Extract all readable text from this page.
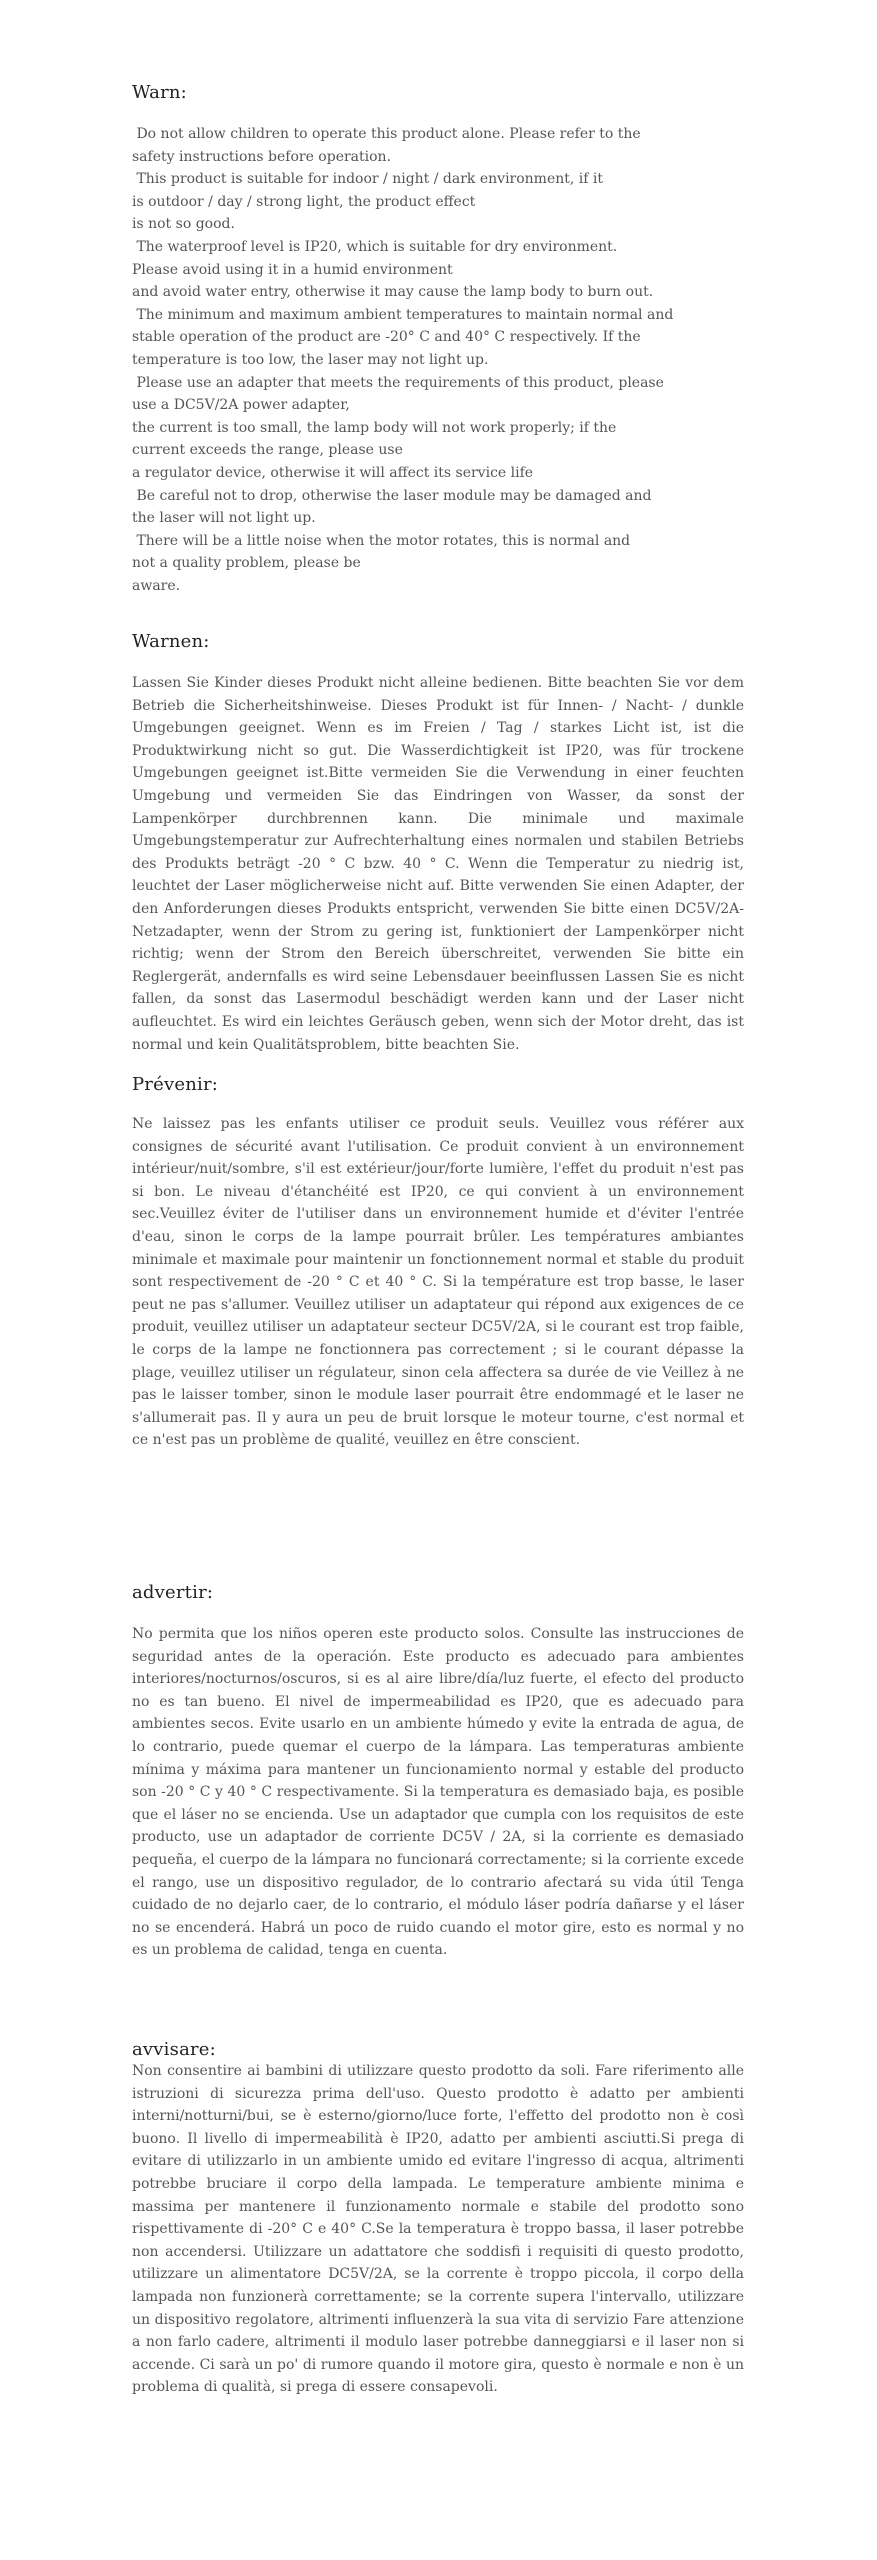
Warn:

Do not allow children to operate this product alone. Please refer to the

safety instructions before operation.

This product is suitable for indoor / night / dark environment, if it

is outdoor / day / strong light, the product effect

is not so good.

The waterproof level is IP20, which is suitable for dry environment.

Please avoid using it in a humid environment

and avoid water entry, otherwise it may cause the lamp body to burn out.

The minimum and maximum ambient temperatures to maintain normal and

stable operation of the product are -20° C and 40° C respectively. If the

temperature is too low, the laser may not light up.

Please use an adapter that meets the requirements of this product, please

use a DC5V/2A power adapter,

the current is too small, the lamp body will not work properly; if the

current exceeds the range, please use

a regulator device, otherwise it will affect its service life

Be careful not to drop, otherwise the laser module may be damaged and

the laser will not light up.

There will be a little noise when the motor rotates, this is normal and

not a quality problem, please be

aware.

Warnen:

Lassen Sie Kinder dieses Produkt nicht alleine bedienen. Bitte beachten Sie vor dem Betrieb die Sicherheitshinweise. Dieses Produkt ist für Innen- / Nacht- / dunkle Umgebungen geeignet. Wenn es im Freien / Tag / starkes Licht ist, ist die Produktwirkung nicht so gut. Die Wasserdichtigkeit ist IP20, was für trockene Umgebungen geeignet ist.Bitte vermeiden Sie die Verwendung in einer feuchten Umgebung und vermeiden Sie das Eindringen von Wasser, da sonst der Lampenkörper durchbrennen kann. Die minimale und maximale Umgebungstemperatur zur Aufrechterhaltung eines normalen und stabilen Betriebs des Produkts beträgt -20 ° C bzw. 40 ° C. Wenn die Temperatur zu niedrig ist, leuchtet der Laser möglicherweise nicht auf. Bitte verwenden Sie einen Adapter, der den Anforderungen dieses Produkts entspricht, verwenden Sie bitte einen DC5V/2A-Netzadapter, wenn der Strom zu gering ist, funktioniert der Lampenkörper nicht richtig; wenn der Strom den Bereich überschreitet, verwenden Sie bitte ein Reglergerät, andernfalls es wird seine Lebensdauer beeinflussen Lassen Sie es nicht fallen, da sonst das Lasermodul beschädigt werden kann und der Laser nicht aufleuchtet. Es wird ein leichtes Geräusch geben, wenn sich der Motor dreht, das ist normal und kein Qualitätsproblem, bitte beachten Sie.

Prévenir:

Ne laissez pas les enfants utiliser ce produit seuls. Veuillez vous référer aux consignes de sécurité avant l'utilisation. Ce produit convient à un environnement intérieur/nuit/sombre, s'il est extérieur/jour/forte lumière, l'effet du produit n'est pas si bon. Le niveau d'étanchéité est IP20, ce qui convient à un environnement sec.Veuillez éviter de l'utiliser dans un environnement humide et d'éviter l'entrée d'eau, sinon le corps de la lampe pourrait brûler. Les températures ambiantes minimale et maximale pour maintenir un fonctionnement normal et stable du produit sont respectivement de -20 ° C et 40 ° C. Si la température est trop basse, le laser peut ne pas s'allumer. Veuillez utiliser un adaptateur qui répond aux exigences de ce produit, veuillez utiliser un adaptateur secteur DC5V/2A, si le courant est trop faible, le corps de la lampe ne fonctionnera pas correctement ; si le courant dépasse la plage, veuillez utiliser un régulateur, sinon cela affectera sa durée de vie Veillez à ne pas le laisser tomber, sinon le module laser pourrait être endommagé et le laser ne s'allumerait pas. Il y aura un peu de bruit lorsque le moteur tourne, c'est normal et ce n'est pas un problème de qualité, veuillez en être conscient.

advertir:

No permita que los niños operen este producto solos. Consulte las instrucciones de seguridad antes de la operación. Este producto es adecuado para ambientes interiores/nocturnos/oscuros, si es al aire libre/día/luz fuerte, el efecto del producto no es tan bueno. El nivel de impermeabilidad es IP20, que es adecuado para ambientes secos. Evite usarlo en un ambiente húmedo y evite la entrada de agua, de lo contrario, puede quemar el cuerpo de la lámpara. Las temperaturas ambiente mínima y máxima para mantener un funcionamiento normal y estable del producto son -20 ° C y 40 ° C respectivamente. Si la temperatura es demasiado baja, es posible que el láser no se encienda. Use un adaptador que cumpla con los requisitos de este producto, use un adaptador de corriente DC5V / 2A, si la corriente es demasiado pequeña, el cuerpo de la lámpara no funcionará correctamente; si la corriente excede el rango, use un dispositivo regulador, de lo contrario afectará su vida útil Tenga cuidado de no dejarlo caer, de lo contrario, el módulo láser podría dañarse y el láser no se encenderá. Habrá un poco de ruido cuando el motor gire, esto es normal y no es un problema de calidad, tenga en cuenta.

avvisare:

Non consentire ai bambini di utilizzare questo prodotto da soli. Fare riferimento alle istruzioni di sicurezza prima dell'uso. Questo prodotto è adatto per ambienti interni/notturni/bui, se è esterno/giorno/luce forte, l'effetto del prodotto non è così buono. Il livello di impermeabilità è IP20, adatto per ambienti asciutti.Si prega di evitare di utilizzarlo in un ambiente umido ed evitare l'ingresso di acqua, altrimenti potrebbe bruciare il corpo della lampada. Le temperature ambiente minima e massima per mantenere il funzionamento normale e stabile del prodotto sono rispettivamente di -20° C e 40° C.Se la temperatura è troppo bassa, il laser potrebbe non accendersi. Utilizzare un adattatore che soddisfi i requisiti di questo prodotto, utilizzare un alimentatore DC5V/2A, se la corrente è troppo piccola, il corpo della lampada non funzionerà correttamente; se la corrente supera l'intervallo, utilizzare un dispositivo regolatore, altrimenti influenzerà la sua vita di servizio Fare attenzione a non farlo cadere, altrimenti il modulo laser potrebbe danneggiarsi e il laser non si accende. Ci sarà un po' di rumore quando il motore gira, questo è normale e non è un problema di qualità, si prega di essere consapevoli.
